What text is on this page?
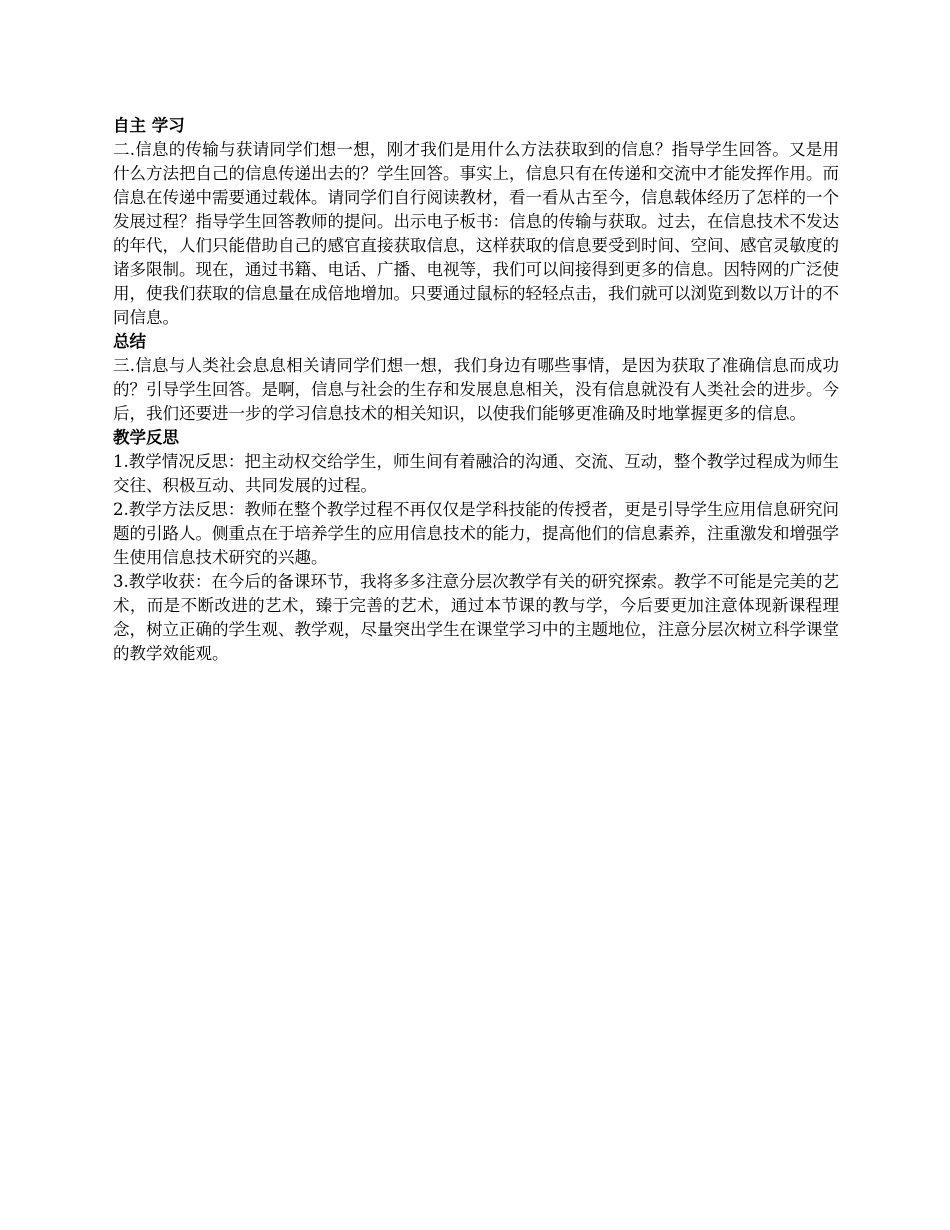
自主 学习

二.信息的传输与获请同学们想一想，刚才我们是用什么方法获取到的信息？指导学生回答。又是用什么方法把自己的信息传递出去的？学生回答。事实上，信息只有在传递和交流中才能发挥作用。而信息在传递中需要通过载体。请同学们自行阅读教材，看一看从古至今，信息载体经历了怎样的一个发展过程？指导学生回答教师的提问。出示电子板书：信息的传输与获取。过去，在信息技术不发达的年代，人们只能借助自己的感官直接获取信息，这样获取的信息要受到时间、空间、感官灵敏度的诸多限制。现在，通过书籍、电话、广播、电视等，我们可以间接得到更多的信息。因特网的广泛使用，使我们获取的信息量在成倍地增加。只要通过鼠标的轻轻点击，我们就可以浏览到数以万计的不同信息。

总结

三.信息与人类社会息息相关请同学们想一想，我们身边有哪些事情，是因为获取了准确信息而成功的？引导学生回答。是啊，信息与社会的生存和发展息息相关，没有信息就没有人类社会的进步。今后，我们还要进一步的学习信息技术的相关知识，以使我们能够更准确及时地掌握更多的信息。

教学反思

1.教学情况反思：把主动权交给学生，师生间有着融洽的沟通、交流、互动，整个教学过程成为师生交往、积极互动、共同发展的过程。

2.教学方法反思：教师在整个教学过程不再仅仅是学科技能的传授者，更是引导学生应用信息研究问题的引路人。侧重点在于培养学生的应用信息技术的能力，提高他们的信息素养，注重激发和增强学生使用信息技术研究的兴趣。

3.教学收获：在今后的备课环节，我将多多注意分层次教学有关的研究探索。教学不可能是完美的艺术，而是不断改进的艺术，臻于完善的艺术，通过本节课的教与学，今后要更加注意体现新课程理念，树立正确的学生观、教学观，尽量突出学生在课堂学习中的主题地位，注意分层次树立科学课堂的教学效能观。
